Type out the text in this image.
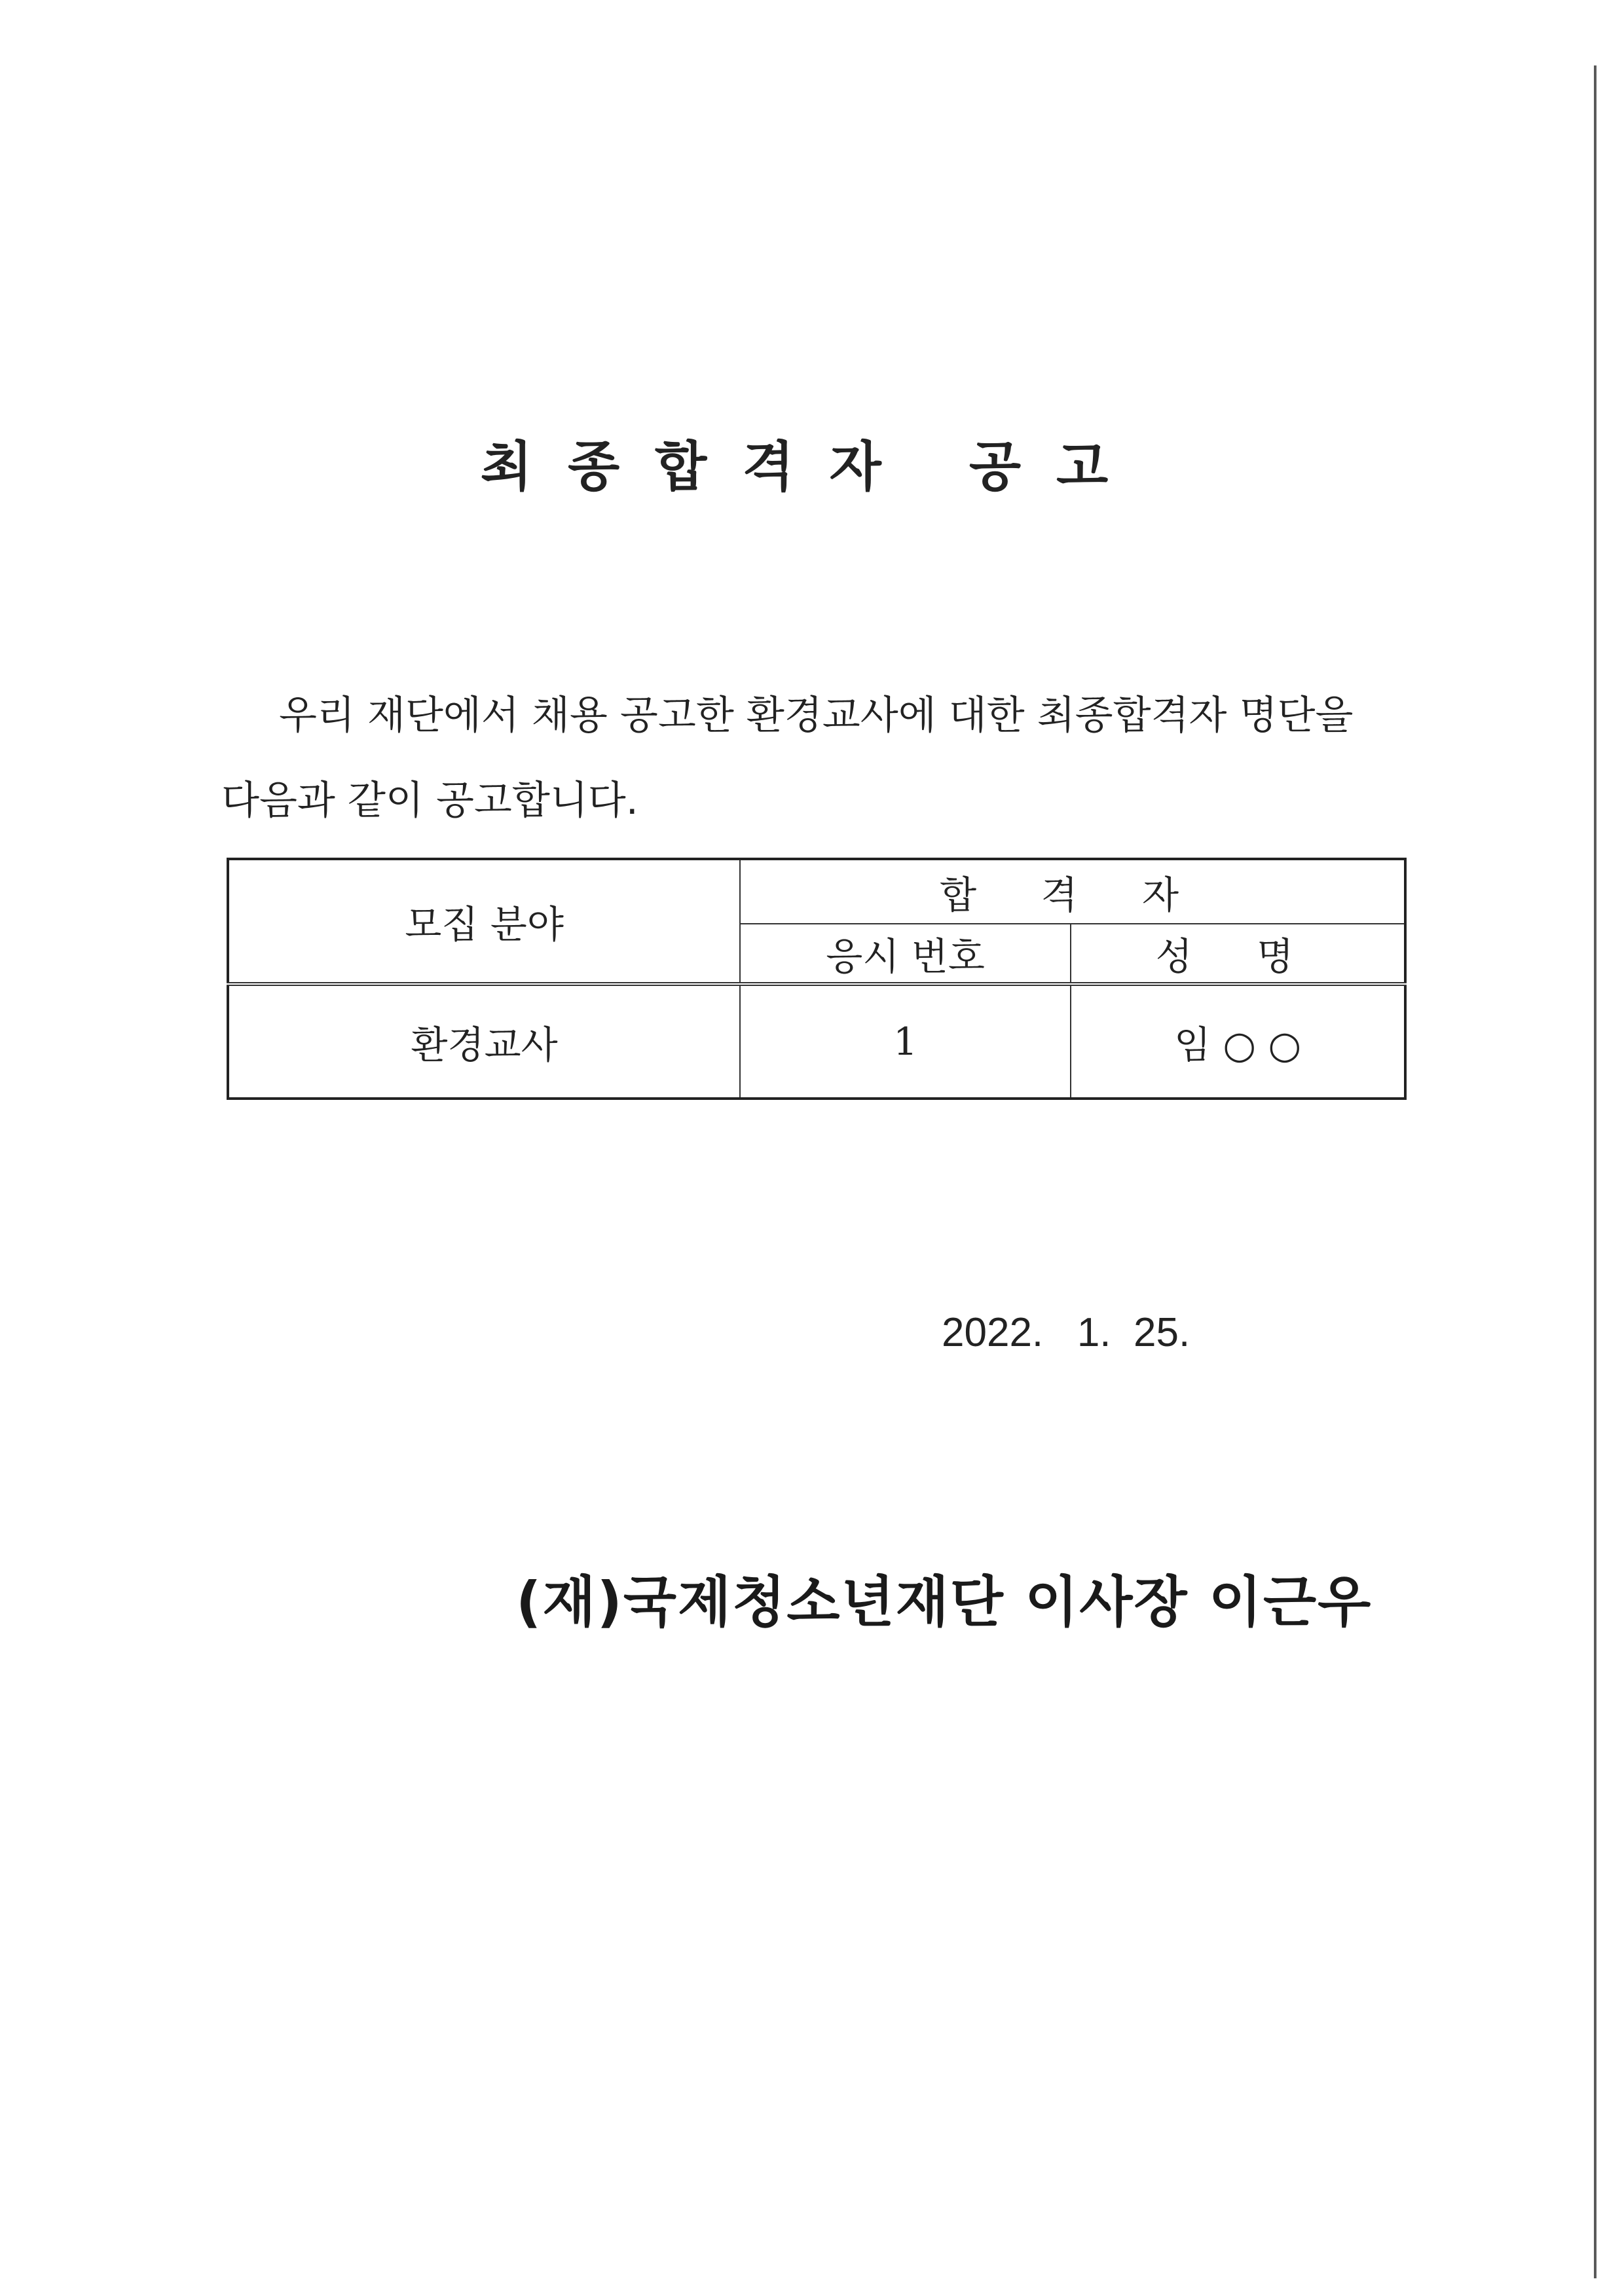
최종합격자 공고
우리 재단에서 채용 공고한 환경교사에 대한 최종합격자 명단을
다음과 같이 공고합니다.
모집 분야	합 격 자	
	응시 번호	성 명
환경교사	1	임 ○ ○
2022.   1.  25.
(재)국제청소년재단 이사장 이근우
